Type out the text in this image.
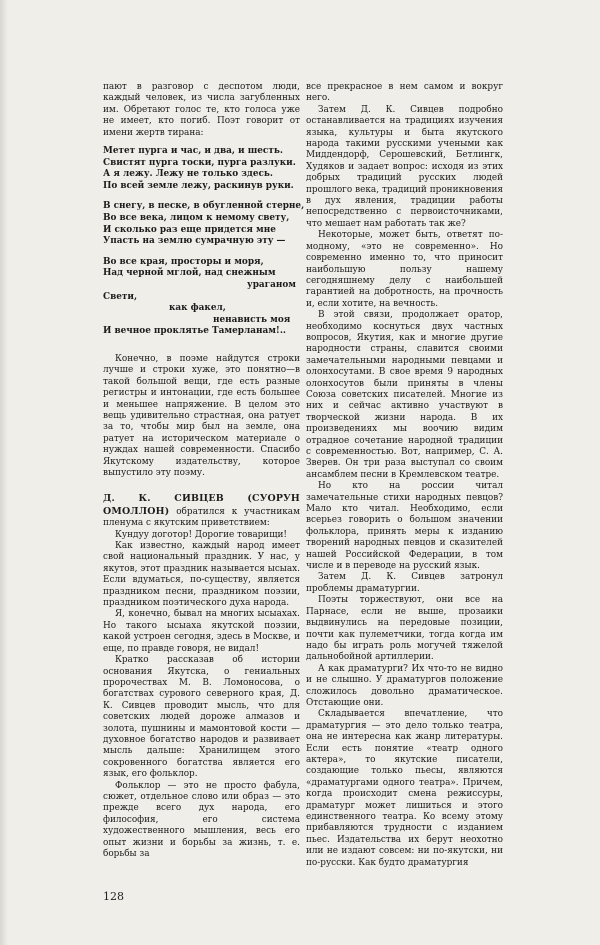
пают в разговор с деспотом люди, каждый человек, из числа загубленных им. Обретают голос те, кто голоса уже не имеет, кто погиб. Поэт говорит от имени жертв тирана:

Метет пурга и час, и два, и шесть.
Свистят пурга тоски, пурга разлуки.
А я лежу. Лежу не только здесь.
По всей земле лежу, раскинув руки.
В снегу, в песке, в обугленной стерне,
Во все века, лицом к немому свету,
И сколько раз еще придется мне
Упасть на землю сумрачную эту —
Во все края, просторы и моря,
Над черной мглой, над снежным
ураганом
Свети,
как факел,
ненависть моя
И вечное проклятье Тамерланам!..

Конечно, в поэме найдутся строки лучше и строки хуже, это понятно—в такой большой вещи, где есть разные регистры и интонации, где есть большее и меньшее напряжение. В целом это вещь удивительно страстная, она ратует за то, чтобы мир был на земле, она ратует на историческом материале о нуждах нашей современности. Спасибо Якутскому издательству, которое выпустило эту поэму.

Д. К. СИВЦЕВ (СУОРУН ОМОЛЛОН) обратился к участникам пленума с якутским приветствием:

Кундуу доготор! Дорогие товарищи!

Как известно, каждый народ имеет свой национальный праздник. У нас, у якутов, этот праздник называется ысыах. Если вдуматься, по-существу, является праздником песни, праздником поэзии, праздником поэтического духа народа.

Я, конечно, бывал на многих ысыахах. Но такого ысыаха якутской поэзии, какой устроен сегодня, здесь в Москве, и еще, по правде говоря, не видал!

Кратко рассказав об истории основания Якутска, о гениальных пророчествах М. В. Ломоносова, о богатствах сурового северного края, Д. К. Сивцев проводит мысль, что для советских людей дороже алмазов и золота, пушнины и мамонтовой кости — духовное богатство народов и развивает мысль дальше: Хранилищем этого сокровенного богатства является его язык, его фольклор.

Фольклор — это не просто фабула, сюжет, отдельное слово или образ — это прежде всего дух народа, его философия, его система художественного мышления, весь его опыт жизни и борьбы за жизнь, т. е. борьбы за

все прекрасное в нем самом и вокруг него.

Затем Д. К. Сивцев подробно останавливается на традициях изучения языка, культуры и быта якутского народа такими русскими учеными как Миддендорф, Серошевский, Бетлингк, Худяков и задает вопрос: исходя из этих добрых традиций русских людей прошлого века, традиций проникновения в дух явления, традиции работы непосредственно с первоисточниками, что мешает нам работать так же?

Некоторые, может быть, ответят по-модному, «это не современно». Но современно именно то, что приносит наибольшую пользу нашему сегодняшнему делу с наибольшей гарантией на добротность, на прочность и, если хотите, на вечность.

В этой связи, продолжает оратор, необходимо коснуться двух частных вопросов, Якутия, как и многие другие народности страны, славится своими замечательными народными певцами и олонхосутами. В свое время 9 народных олонхосутов были приняты в члены Союза советских писателей. Многие из них и сейчас активно участвуют в творческой жизни народа. В их произведениях мы воочию видим отрадное сочетание народной традиции с современностью. Вот, например, С. А. Зверев. Он три раза выступал со своим ансамблем песни в Кремлевском театре.

Но кто на россии читал замечательные стихи народных певцов? Мало кто читал. Необходимо, если всерьез говорить о большом значении фольклора, принять меры к изданию творений народных певцов и сказителей нашей Российской Федерации, в том числе и в переводе на русский язык.

Затем Д. К. Сивцев затронул проблемы драматургии.

Поэты торжествуют, они все на Парнасе, если не выше, прозаики выдвинулись на передовые позиции, почти как пулеметчики, тогда когда им надо бы играть роль могучей тяжелой дальнобойной артиллерии.

А как драматурги? Их что-то не видно и не слышно. У драматургов положение сложилось довольно драматическое. Отстающие они.

Складывается впечатление, что драматургия — это дело только театра, она не интересна как жанр литературы. Если есть понятие «театр одного актера», то якутские писатели, создающие только пьесы, являются «драматургами одного театра». Причем, когда происходит смена режиссуры, драматург может лишиться и этого единственного театра. Ко всему этому прибавляются трудности с изданием пьес. Издательства их берут неохотно или не издают совсем: ни по-якутски, ни по-русски. Как будто драматургия

128
